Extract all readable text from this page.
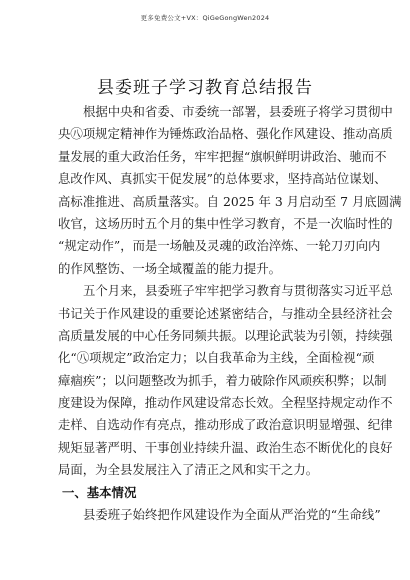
更多免费公文+VX：QiGeGongWen2024
县委班子学习教育总结报告
根据中央和省委、市委统一部署，县委班子将学习贯彻中
央㊇项规定精神作为锤炼政治品格、强化作风建设、推动高质
量发展的重大政治任务，牢牢把握“旗帜鲜明讲政治、驰而不
息改作风、真抓实干促发展”的总体要求，坚持高站位谋划、
高标准推进、高质量落实。自 2025 年 3 月启动至 7 月底圆满
收官，这场历时五个月的集中性学习教育，不是一次临时性的
“规定动作”，而是一场触及灵魂的政治淬炼、一轮刀刃向内
的作风整饬、一场全域覆盖的能力提升。
五个月来，县委班子牢牢把学习教育与贯彻落实习近平总
书记关于作风建设的重要论述紧密结合，与推动全县经济社会
高质量发展的中心任务同频共振。以理论武装为引领，持续强
化“㊇项规定”政治定力；以自我革命为主线，全面检视“顽
瘴痼疾”；以问题整改为抓手，着力破除作风顽疾积弊；以制
度建设为保障，推动作风建设常态长效。全程坚持规定动作不
走样、自选动作有亮点，推动形成了政治意识明显增强、纪律
规矩显著严明、干事创业持续升温、政治生态不断优化的良好
局面，为全县发展注入了清正之风和实干之力。
一、基本情况
县委班子始终把作风建设作为全面从严治党的“生命线”
